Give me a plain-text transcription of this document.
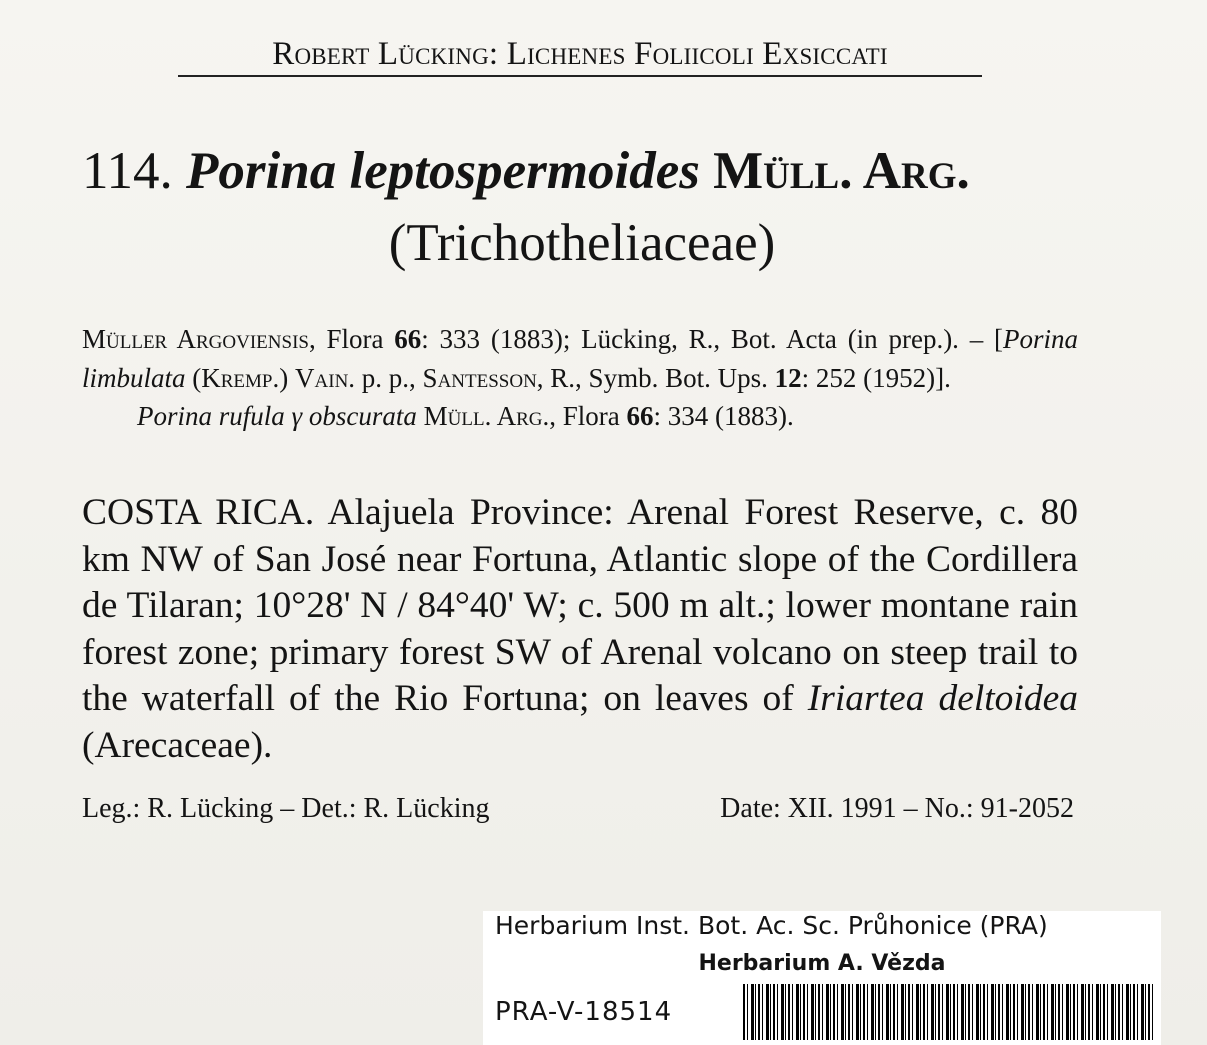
Robert Lücking: Lichenes Foliicoli Exsiccati
114. Porina leptospermoides Müll. Arg.
(Trichotheliaceae)

Müller Argoviensis, Flora 66: 333 (1883); Lücking, R., Bot. Acta (in prep.). – [Porina limbulata (Kremp.) Vain. p. p., Santesson, R., Symb. Bot. Ups. 12: 252 (1952)].

Porina rufula γ obscurata Müll. Arg., Flora 66: 334 (1883).

COSTA RICA. Alajuela Province: Arenal Forest Reserve, c. 80 km NW of San José near Fortuna, Atlantic slope of the Cordillera de Tilaran; 10°28' N / 84°40' W; c. 500 m alt.; lower montane rain forest zone; primary forest SW of Arenal volcano on steep trail to the waterfall of the Rio Fortuna; on leaves of Iriartea deltoidea (Arecaceae).
Leg.: R. Lücking – Det.: R. Lücking	Date: XII. 1991 – No.: 91-2052
Herbarium Inst. Bot. Ac. Sc. Průhonice (PRA)
Herbarium A. Vězda
PRA-V-18514
